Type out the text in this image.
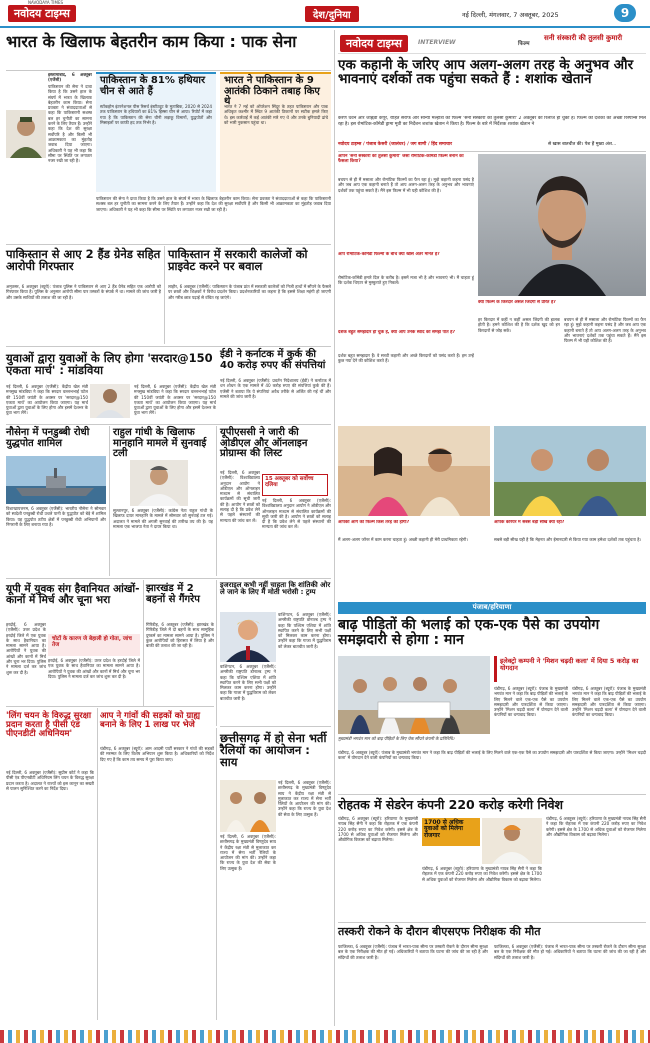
NAVODAYA TIMES
नवोदय टाइम्स	देश/दुनिया	नई दिल्ली, मंगलवार, 7 अक्तूबर, 2025	9
भारत के खिलाफ बेहतरीन काम किया : पाक सेना
इस्लामाबाद, 6 अक्तूबर (एजैंसी)
पाकिस्तान की सेना ने दावा किया है कि उसने हाल के संघर्ष में भारत के खिलाफ बेहतरीन काम किया। सेना प्रवक्ता ने संवाददाताओं से कहा कि पाकिस्तानी सशस्त्र बल हर चुनौती का सामना करने के लिए तैयार हैं। उन्होंने कहा कि देश की सुरक्षा सर्वोपरि है और किसी भी आक्रामकता का मुंहतोड़ जवाब दिया जाएगा। अधिकारी ने यह भी कहा कि सीमा पर स्थिति पर लगातार नजर रखी जा रही है।
पाकिस्तान के 81% हथियार चीन से आते हैं
स्टॉकहोम इंटरनेशनल पीस रिसर्च इंस्टीट्यूट के मुताबिक, 2020 से 2024 तक पाकिस्तान के हथियारों का 81% हिस्सा चीन से आया। रिपोर्ट में कहा गया है कि पाकिस्तान की सेना चीनी लड़ाकू विमानों, युद्धपोतों और मिसाइलों पर काफी हद तक निर्भर है।
भारत ने पाकिस्तान के 9 आतंकी ठिकाने तबाह किए थे
भारत ने 7 मई को ऑपरेशन सिंदूर के तहत पाकिस्तान और पाक अधिकृत कश्मीर में स्थित 9 आतंकी ठिकानों पर सटीक हमले किए थे। इस कार्रवाई में कई आतंकी मारे गए थे और उनके बुनियादी ढांचे को भारी नुकसान पहुंचा था।
पाकिस्तान की सेना ने दावा किया है कि उसने हाल के संघर्ष में भारत के खिलाफ बेहतरीन काम किया। सेना प्रवक्ता ने संवाददाताओं से कहा कि पाकिस्तानी सशस्त्र बल हर चुनौती का सामना करने के लिए तैयार हैं। उन्होंने कहा कि देश की सुरक्षा सर्वोपरि है और किसी भी आक्रामकता का मुंहतोड़ जवाब दिया जाएगा। अधिकारी ने यह भी कहा कि सीमा पर स्थिति पर लगातार नजर रखी जा रही है।
पाकिस्तान से आए 2 हैंड ग्रेनेड सहित आरोपी गिरफ्तार
अमृतसर, 6 अक्तूबर (ब्यूरो): पंजाब पुलिस ने पाकिस्तान से आए 2 हैंड ग्रेनेड सहित एक आरोपी को गिरफ्तार किया है। पुलिस के अनुसार आरोपी सीमा पार तस्करों के संपर्क में था। मामले की जांच जारी है और उसके साथियों की तलाश की जा रही है।
पाकिस्तान में सरकारी कालेजों को प्राइवेट करने पर बवाल
लाहौर, 6 अक्तूबर (एजैंसी): पाकिस्तान के पंजाब प्रांत में सरकारी कालेजों को निजी हाथों में सौंपने के फैसले पर छात्रों और शिक्षकों ने विरोध प्रदर्शन किया। प्रदर्शनकारियों का कहना है कि इससे शिक्षा महंगी हो जाएगी और गरीब छात्र पढ़ाई से वंचित रह जाएंगे।
ईडी ने कर्नाटक में कुर्क की 40 करोड़ रुपए की संपत्तियां
नई दिल्ली, 6 अक्तूबर (एजैंसी): प्रवर्तन निदेशालय (ईडी) ने कर्नाटक में धन शोधन के एक मामले में 40 करोड़ रुपए की संपत्तियां कुर्क की हैं। एजेंसी ने बताया कि ये संपत्तियां अवैध तरीके से अर्जित की गई थीं और मामले की जांच जारी है।
युवाओं द्वारा युवाओं के लिए होगा 'सरदार@150 एकता मार्च' : मांडविया
नई दिल्ली, 6 अक्तूबर (एजैंसी): केंद्रीय खेल मंत्री मनसुख मांडविया ने कहा कि सरदार वल्लभभाई पटेल की 150वीं जयंती के अवसर पर 'सरदार@150 एकता मार्च' का आयोजन किया जाएगा। यह मार्च युवाओं द्वारा युवाओं के लिए होगा और इसमें देशभर के युवा भाग लेंगे।
नई दिल्ली, 6 अक्तूबर (एजैंसी): केंद्रीय खेल मंत्री मनसुख मांडविया ने कहा कि सरदार वल्लभभाई पटेल की 150वीं जयंती के अवसर पर 'सरदार@150 एकता मार्च' का आयोजन किया जाएगा। यह मार्च युवाओं द्वारा युवाओं के लिए होगा और इसमें देशभर के युवा भाग लेंगे।
नौसेना में पनडुब्बी रोधी युद्धपोत शामिल
विशाखापत्तनम, 6 अक्तूबर (एजैंसी): भारतीय नौसेना ने सोमवार को स्वदेशी पनडुब्बी रोधी उथले पानी के युद्धपोत को बेड़े में शामिल किया। यह युद्धपोत तटीय क्षेत्रों में पनडुब्बी रोधी अभियानों और निगरानी के लिए बनाया गया है।
राहुल गांधी के खिलाफ मानहानि मामले में सुनवाई टली
सुल्तानपुर, 6 अक्तूबर (एजैंसी): कांग्रेस नेता राहुल गांधी के खिलाफ दायर मानहानि के मामले में सोमवार को सुनवाई टल गई। अदालत ने मामले की अगली सुनवाई की तारीख तय की है। यह मामला एक भाजपा नेता ने दायर किया था।
यूपीएससी ने जारी की ओडीएल और ऑनलाइन प्रोग्राम्स की लिस्ट
15 अक्तूबर को सर्वोच्च दलिया
नई दिल्ली, 6 अक्तूबर (एजैंसी): विश्वविद्यालय अनुदान आयोग ने ओडीएल और ऑनलाइन माध्यम से संचालित कार्यक्रमों की सूची जारी की है। आयोग ने छात्रों को सलाह दी है कि प्रवेश लेने से पहले संस्थानों की मान्यता की जांच कर लें।
नई दिल्ली, 6 अक्तूबर (एजैंसी): विश्वविद्यालय अनुदान आयोग ने ओडीएल और ऑनलाइन माध्यम से संचालित कार्यक्रमों की सूची जारी की है। आयोग ने छात्रों को सलाह दी है कि प्रवेश लेने से पहले संस्थानों की मान्यता की जांच कर लें।
इजराइल कभी नहीं चाहता कि शांतिकी ओर ले जाने के लिए मैं मोती भरोसी : ट्रम्प
वाशिंगटन, 6 अक्तूबर (एजैंसी): अमरीकी राष्ट्रपति डोनाल्ड ट्रम्प ने कहा कि पश्चिम एशिया में शांति स्थापित करने के लिए सभी पक्षों को मिलकर काम करना होगा। उन्होंने कहा कि गाजा में युद्धविराम को लेकर बातचीत जारी है।
वाशिंगटन, 6 अक्तूबर (एजैंसी): अमरीकी राष्ट्रपति डोनाल्ड ट्रम्प ने कहा कि पश्चिम एशिया में शांति स्थापित करने के लिए सभी पक्षों को मिलकर काम करना होगा। उन्होंने कहा कि गाजा में युद्धविराम को लेकर बातचीत जारी है।
यूपी में युवक संग हैवानियत आंखों-कानों में मिर्च और चूना भरा
चोटों के कारण जे बेहाली हो गोता, जांच तेज
हरदोई, 6 अक्तूबर (एजैंसी): उत्तर प्रदेश के हरदोई जिले में एक युवक के साथ हैवानियत का मामला सामने आया है। आरोपियों ने युवक की आंखों और कानों में मिर्च और चूना भर दिया। पुलिस ने मामला दर्ज कर जांच शुरू कर दी है।
हरदोई, 6 अक्तूबर (एजैंसी): उत्तर प्रदेश के हरदोई जिले में एक युवक के साथ हैवानियत का मामला सामने आया है। आरोपियों ने युवक की आंखों और कानों में मिर्च और चूना भर दिया। पुलिस ने मामला दर्ज कर जांच शुरू कर दी है।
झारखंड में 2 बहनों से गैंगरेप
गिरिडीह, 6 अक्तूबर (एजैंसी): झारखंड के गिरिडीह जिले में दो बहनों के साथ सामूहिक दुष्कर्म का मामला सामने आया है। पुलिस ने कुछ आरोपियों को हिरासत में लिया है और बाकी की तलाश की जा रही है।
'लिंग चयन के विरुद्ध सुरक्षा प्रदान करता है पीसी एंड पीएनडीटी अधिनियम'
नई दिल्ली, 6 अक्तूबर (एजैंसी): सुप्रीम कोर्ट ने कहा कि पीसी एंड पीएनडीटी अधिनियम लिंग चयन के विरुद्ध सुरक्षा प्रदान करता है। अदालत ने राज्यों को इस कानून का सख्ती से पालन सुनिश्चित करने का निर्देश दिया।
आप ने गांवों की सड़कों को ग्राह्य बनाने के लिए 1 लाख पर भेजे
चंडीगढ़, 6 अक्तूबर (ब्यूरो): आम आदमी पार्टी सरकार ने गांवों की सड़कों की मरम्मत के लिए विशेष अभियान शुरू किया है। अधिकारियों को निर्देश दिए गए हैं कि काम तय समय में पूरा किया जाए।
छत्तीसगढ़ में हो सेना भर्ती रैलियों का आयोजन : साय
नई दिल्ली, 6 अक्तूबर (एजैंसी): छत्तीसगढ़ के मुख्यमंत्री विष्णुदेव साय ने केंद्रीय रक्षा मंत्री से मुलाकात कर राज्य में सेना भर्ती रैलियों के आयोजन की मांग की। उन्होंने कहा कि राज्य के युवा देश की सेवा के लिए उत्सुक हैं।
नई दिल्ली, 6 अक्तूबर (एजैंसी): छत्तीसगढ़ के मुख्यमंत्री विष्णुदेव साय ने केंद्रीय रक्षा मंत्री से मुलाकात कर राज्य में सेना भर्ती रैलियों के आयोजन की मांग की। उन्होंने कहा कि राज्य के युवा देश की सेवा के लिए उत्सुक हैं।
नवोदय टाइम्स	INTERVIEW	फिल्म
सनी संस्कारी की तुलसी कुमारी
एक कहानी के जरिए आप अलग-अलग तरह के अनुभव और भावनाएं दर्शकों तक पहुंचा सकते हैं : शशांक खेतान
करण धवन और जाह्नवी कपूर, रोहित सराफ और सान्या मल्होत्रा की फिल्म 'सनी संस्कारी की तुलसी कुमारी' 2 अक्तूबर को रिलीज हो चुकी है। फिल्म को दर्शकों का अच्छा रिस्पॉन्स मिल रहा है। इस रोमांटिक-कॉमेडी ड्रामा मूवी का निर्देशन शशांक खेतान ने किया है। फिल्म के बारे में निर्देशक शशांक खेतान ने
नवोदय टाइम्स / पंजाब केसरी (जालंधर) / जग बाणी / हिंद समाचार	से खास बातचीत की। पेश हैं मुख्य अंश...
आपने 'सनी संस्कारी की तुलसी कुमारी' जैसा रोमांटिक-कॉमेडी फिल्म बनाने का फैसला किया?
बचपन से ही मैं मसाला और रोमांटिक फिल्मों का फैन रहा हूं। मुझे कहानी कहना पसंद है और जब आप एक कहानी बनाते हैं तो आप अलग-अलग तरह के अनुभव और भावनाएं दर्शकों तक पहुंचा सकते हैं। मैंने इस फिल्म में भी यही कोशिश की है।
आप रोमांटिक-कॉमेडी फिल्मों के बीच क्या खास अंतर मानते हैं?
रोमांटिक-कॉमेडी हमारे दिल के करीब है। इसमें मजा भी है और भावनाएं भी। मैं चाहता हूं कि दर्शक थिएटर से मुस्कुराते हुए निकलें।
दर्शक बहुत समझदार हो चुके हैं, क्या आप उनके स्वाद को समझ पाते हैं?
दर्शक बहुत समझदार हैं। वे सच्ची कहानी और अच्छे किरदारों को पसंद करते हैं। हम उन्हें कुछ नया देने की कोशिश करते हैं।
क्या फिल्म के किरदार असल जिंदगी से प्रेरित हैं?
हर किरदार में कहीं न कहीं असल जिंदगी की झलक होती है। हमने कोशिश की है कि दर्शक खुद को इन किरदारों से जोड़ सकें।
बचपन से ही मैं मसाला और रोमांटिक फिल्मों का फैन रहा हूं। मुझे कहानी कहना पसंद है और जब आप एक कहानी बनाते हैं तो आप अलग-अलग तरह के अनुभव और भावनाएं दर्शकों तक पहुंचा सकते हैं। मैंने इस फिल्म में भी यही कोशिश की है।
आपकी आगे की फिल्में किस तरह की होंगी?
मैं अलग-अलग जॉनर में काम करना चाहता हूं। अच्छी कहानी ही मेरी प्राथमिकता रहेगी।
आपके करियर में सबसे बड़ी सीख क्या रही?
सबसे बड़ी सीख यही है कि मेहनत और ईमानदारी से किया गया काम हमेशा दर्शकों तक पहुंचता है।
पंजाब/हरियाणा
बाढ़ पीड़ितों की भलाई को एक-एक पैसे का उपयोग समझदारी से होगा : मान
मुख्यमंत्री भगवंत मान को बाढ़ पीड़ितों के लिए चेक सौंपते कंपनी के प्रतिनिधि।
इलेक्ट्रो कम्पनी ने 'मिशन चढ़दी कला' में दिया 5 करोड़ का योगदान
चंडीगढ़, 6 अक्तूबर (ब्यूरो): पंजाब के मुख्यमंत्री भगवंत मान ने कहा कि बाढ़ पीड़ितों की भलाई के लिए मिलने वाले एक-एक पैसे का उपयोग समझदारी और पारदर्शिता से किया जाएगा। उन्होंने 'मिशन चढ़दी कला' में योगदान देने वाली कंपनियों का धन्यवाद किया।
चंडीगढ़, 6 अक्तूबर (ब्यूरो): पंजाब के मुख्यमंत्री भगवंत मान ने कहा कि बाढ़ पीड़ितों की भलाई के लिए मिलने वाले एक-एक पैसे का उपयोग समझदारी और पारदर्शिता से किया जाएगा। उन्होंने 'मिशन चढ़दी कला' में योगदान देने वाली कंपनियों का धन्यवाद किया।
चंडीगढ़, 6 अक्तूबर (ब्यूरो): पंजाब के मुख्यमंत्री भगवंत मान ने कहा कि बाढ़ पीड़ितों की भलाई के लिए मिलने वाले एक-एक पैसे का उपयोग समझदारी और पारदर्शिता से किया जाएगा। उन्होंने 'मिशन चढ़दी कला' में योगदान देने वाली कंपनियों का धन्यवाद किया।
रोहतक में सेडरेन कंपनी 220 करोड़ करेगी निवेश
चंडीगढ़, 6 अक्तूबर (ब्यूरो): हरियाणा के मुख्यमंत्री नायब सिंह सैनी ने कहा कि रोहतक में एक कंपनी 220 करोड़ रुपए का निवेश करेगी। इससे क्षेत्र के 1700 से अधिक युवाओं को रोजगार मिलेगा और औद्योगिक विकास को बढ़ावा मिलेगा।
1700 से अधिक युवाओं को मिलेगा रोजगार
चंडीगढ़, 6 अक्तूबर (ब्यूरो): हरियाणा के मुख्यमंत्री नायब सिंह सैनी ने कहा कि रोहतक में एक कंपनी 220 करोड़ रुपए का निवेश करेगी। इससे क्षेत्र के 1700 से अधिक युवाओं को रोजगार मिलेगा और औद्योगिक विकास को बढ़ावा मिलेगा।
चंडीगढ़, 6 अक्तूबर (ब्यूरो): हरियाणा के मुख्यमंत्री नायब सिंह सैनी ने कहा कि रोहतक में एक कंपनी 220 करोड़ रुपए का निवेश करेगी। इससे क्षेत्र के 1700 से अधिक युवाओं को रोजगार मिलेगा और औद्योगिक विकास को बढ़ावा मिलेगा।
तस्करी रोकने के दौरान बीएसएफ निरीक्षक की मौत
फाजिल्का, 6 अक्तूबर (एजैंसी): पंजाब में भारत-पाक सीमा पर तस्करी रोकने के दौरान सीमा सुरक्षा बल के एक निरीक्षक की मौत हो गई। अधिकारियों ने बताया कि घटना की जांच की जा रही है और संदिग्धों की तलाश जारी है।
फाजिल्का, 6 अक्तूबर (एजैंसी): पंजाब में भारत-पाक सीमा पर तस्करी रोकने के दौरान सीमा सुरक्षा बल के एक निरीक्षक की मौत हो गई। अधिकारियों ने बताया कि घटना की जांच की जा रही है और संदिग्धों की तलाश जारी है।
